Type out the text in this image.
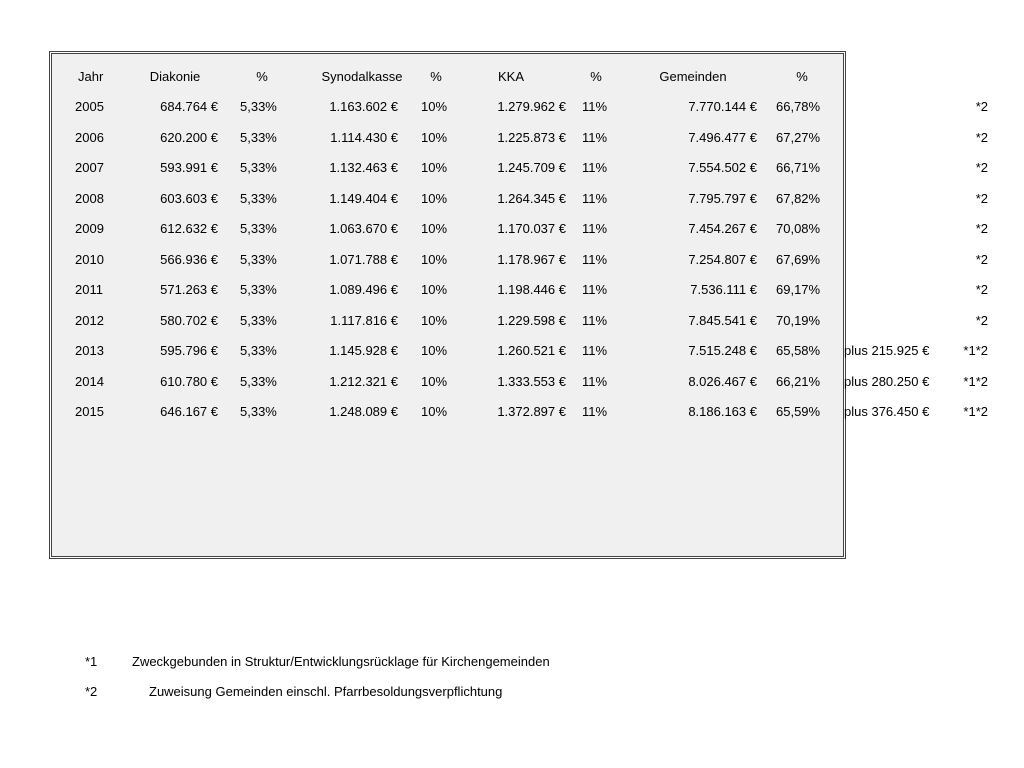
Jahr	Diakonie	%	Synodalkasse	%	KKA	%	Gemeinden	%
2005	684.764 € 5,33%	1.163.602 € 10%	1.279.962 € 11%	7.770.144 € 66,78%	*2
2006	620.200 € 5,33%	1.114.430 € 10%	1.225.873 € 11%	7.496.477 € 67,27%	*2
2007	593.991 € 5,33%	1.132.463 € 10%	1.245.709 € 11%	7.554.502 € 66,71%	*2
2008	603.603 € 5,33%	1.149.404 € 10%	1.264.345 € 11%	7.795.797 € 67,82%	*2
2009	612.632 € 5,33%	1.063.670 € 10%	1.170.037 € 11%	7.454.267 € 70,08%	*2
2010	566.936 € 5,33%	1.071.788 € 10%	1.178.967 € 11%	7.254.807 € 67,69%	*2
2011	571.263 € 5,33%	1.089.496 € 10%	1.198.446 € 11%	7.536.111 € 69,17%	*2
2012	580.702 € 5,33%	1.117.816 € 10%	1.229.598 € 11%	7.845.541 € 70,19%	*2
2013	595.796 € 5,33%	1.145.928 € 10%	1.260.521 € 11%	7.515.248 € 65,58%	plus 215.925 €	*1*2
2014	610.780 € 5,33%	1.212.321 € 10%	1.333.553 € 11%	8.026.467 € 66,21%	plus 280.250 €	*1*2
2015	646.167 € 5,33%	1.248.089 € 10%	1.372.897 € 11%	8.186.163 € 65,59%	plus 376.450 €	*1*2
*1	Zweckgebunden in Struktur/Entwicklungsrücklage für Kirchengemeinden
*2	Zuweisung Gemeinden einschl. Pfarrbesoldungsverpflichtung
